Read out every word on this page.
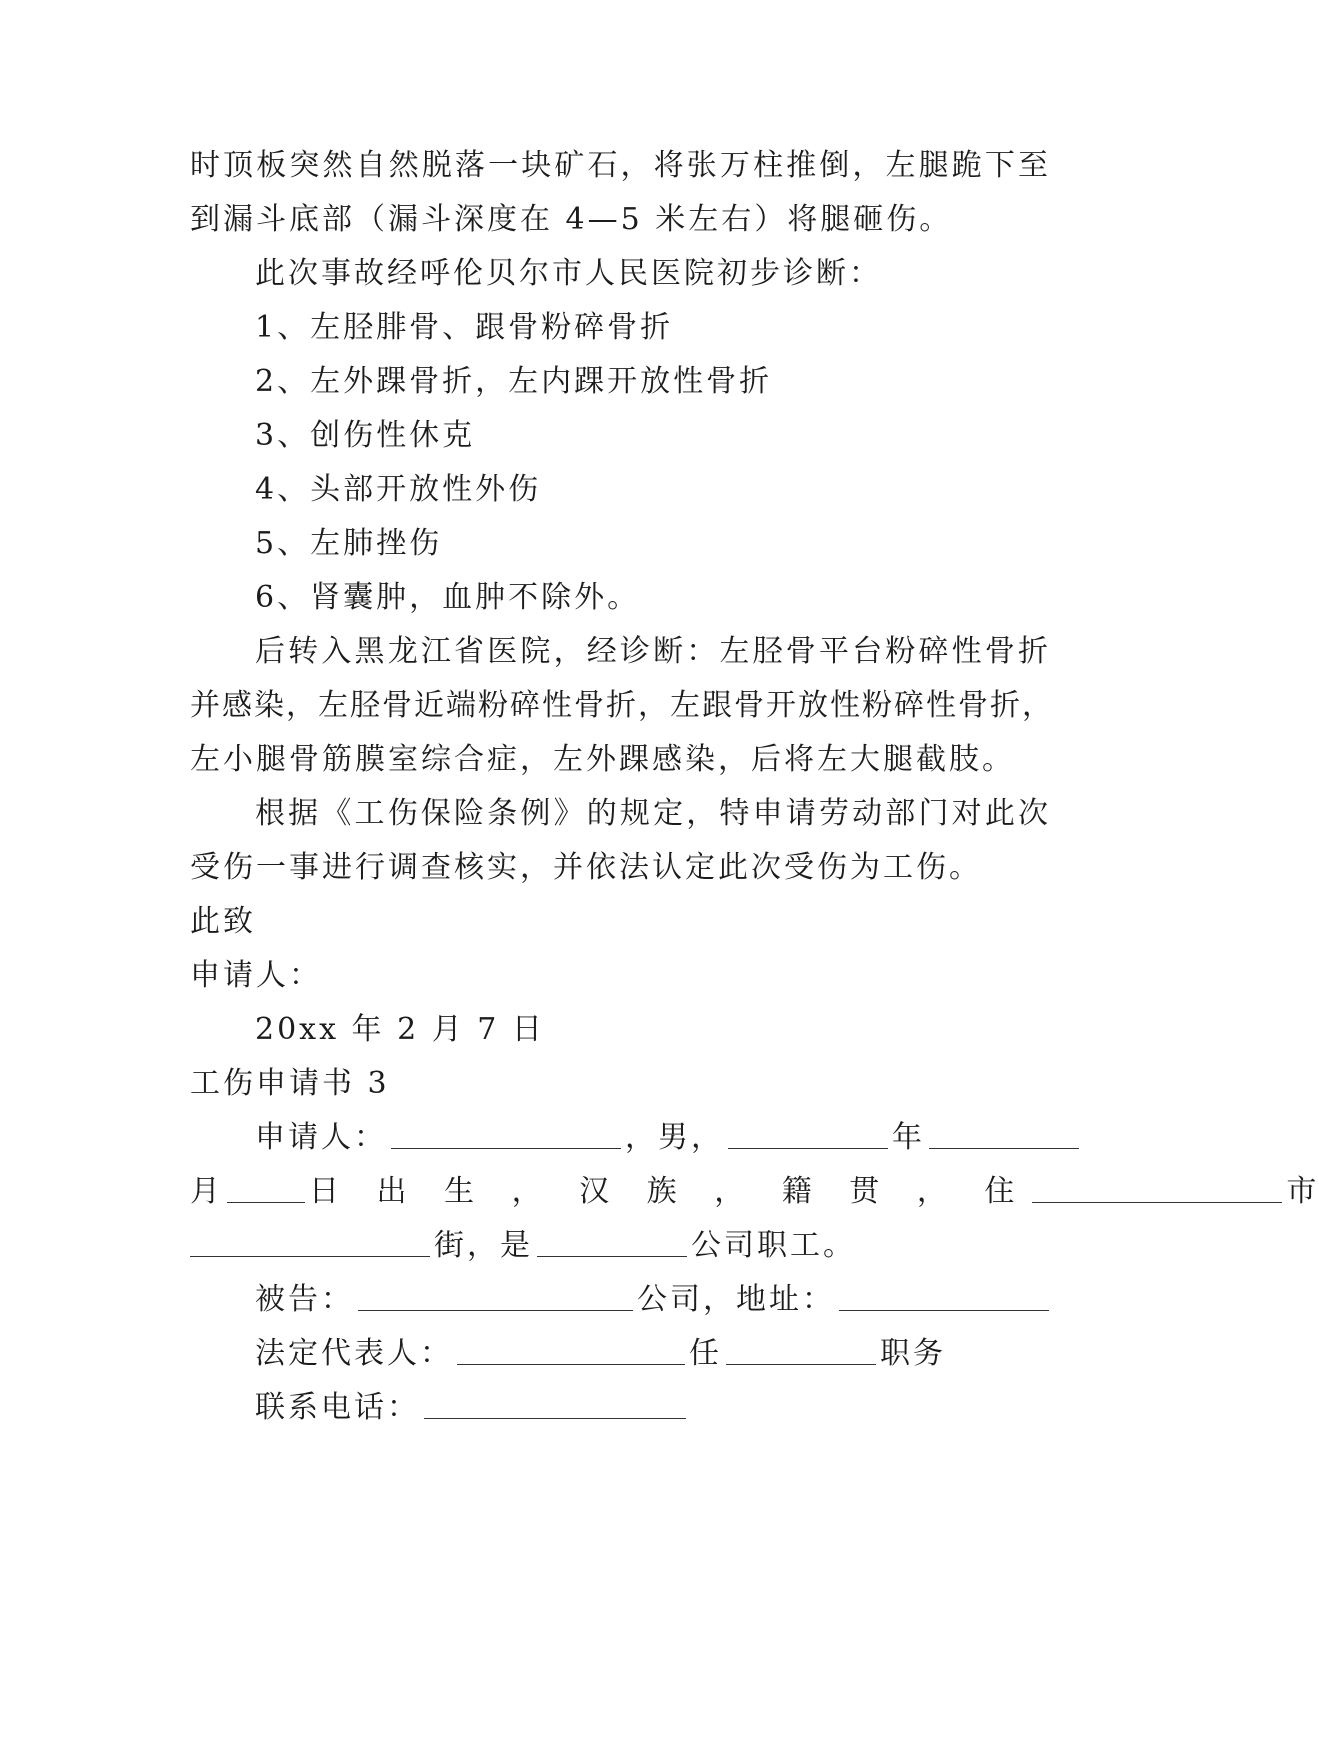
时顶板突然自然脱落一块矿石，将张万柱推倒，左腿跪下至
到漏斗底部（漏斗深度在 4—5 米左右）将腿砸伤。
此次事故经呼伦贝尔市人民医院初步诊断：
1、左胫腓骨、跟骨粉碎骨折
2、左外踝骨折，左内踝开放性骨折
3、创伤性休克
4、头部开放性外伤
5、左肺挫伤
6、肾囊肿，血肿不除外。
后转入黑龙江省医院，经诊断：左胫骨平台粉碎性骨折
并感染，左胫骨近端粉碎性骨折，左跟骨开放性粉碎性骨折，
左小腿骨筋膜室综合症，左外踝感染，后将左大腿截肢。
根据《工伤保险条例》的规定，特申请劳动部门对此次
受伤一事进行调查核实，并依法认定此次受伤为工伤。
此致
申请人：
20xx 年 2 月 7 日
工伤申请书 3
申请人：	，男，	年
月	日 出 生 ， 汉 族 ， 籍 贯 ， 住	市
街，是	公司职工。
被告：	公司，地址：
法定代表人：	任	职务
联系电话：
